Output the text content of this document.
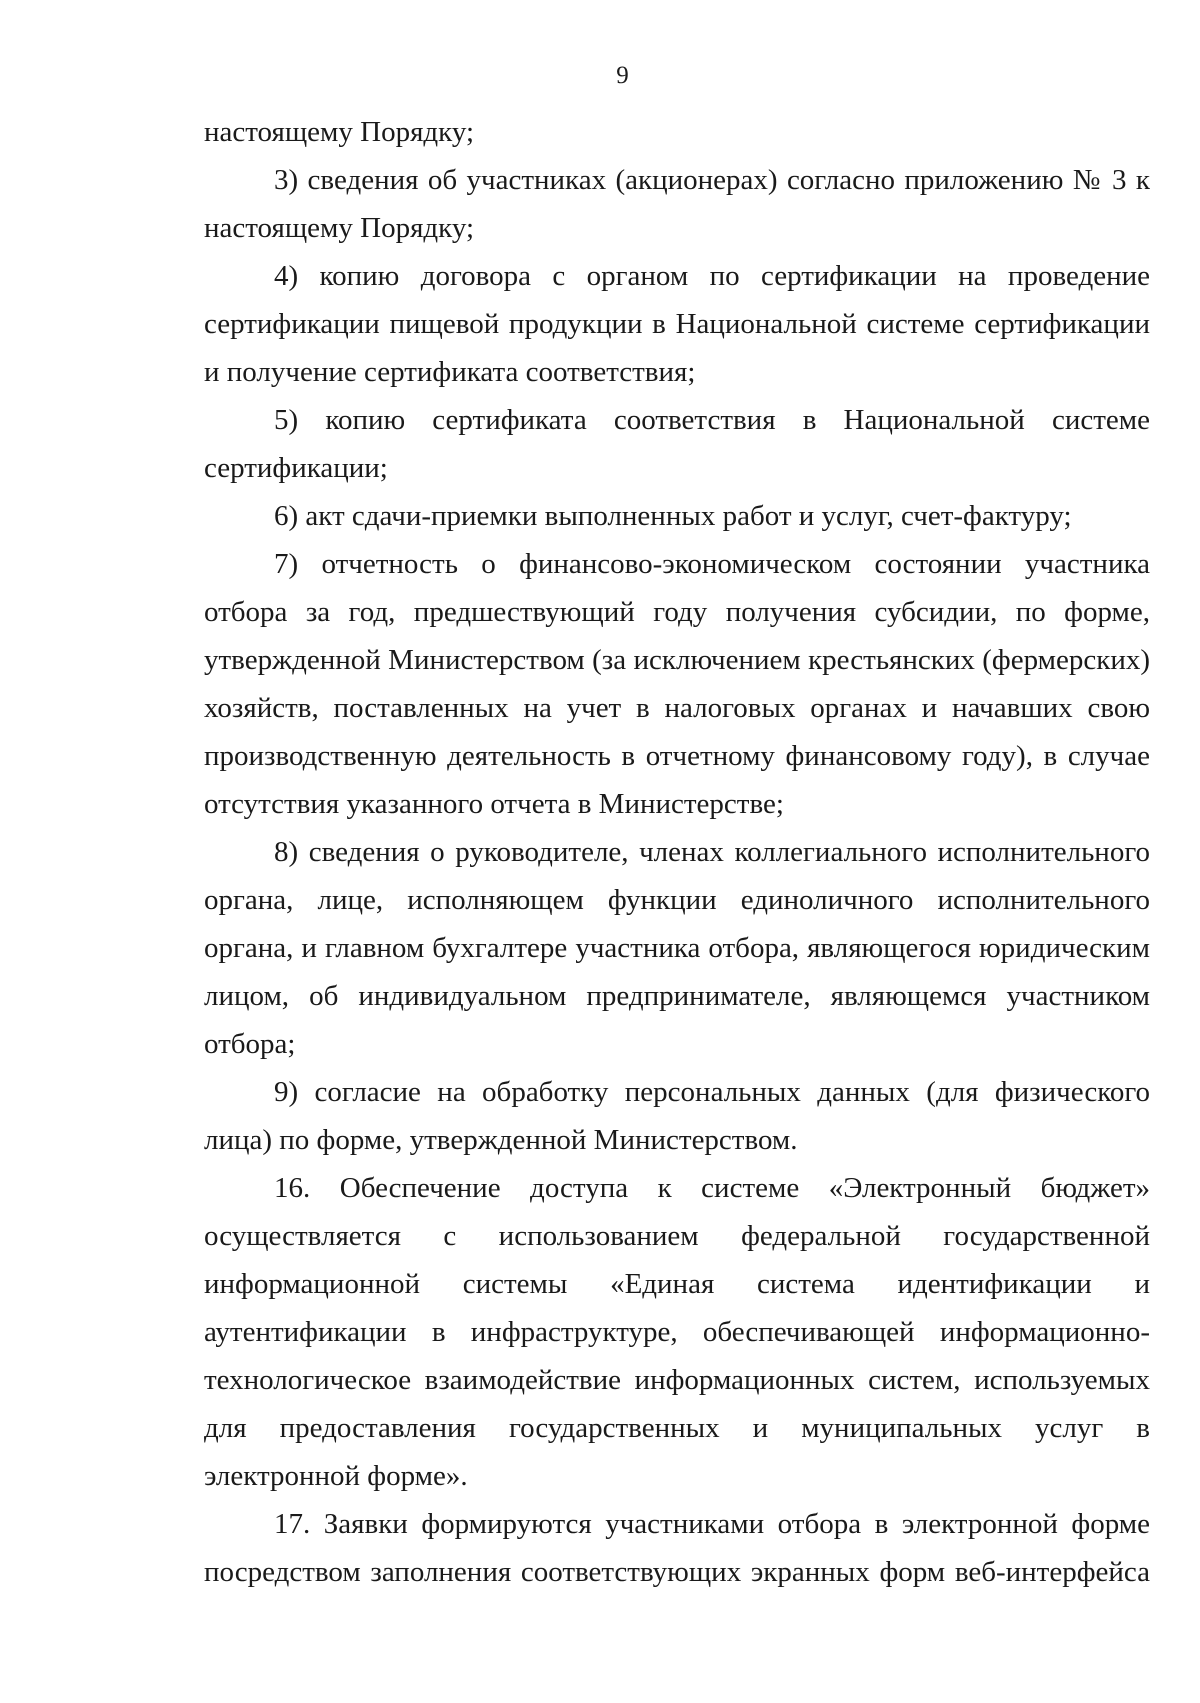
9

настоящему Порядку;

3) сведения об участниках (акционерах) согласно приложению № 3 к настоящему Порядку;

4) копию договора с органом по сертификации на проведение сертификации пищевой продукции в Национальной системе сертификации и получение сертификата соответствия;

5) копию сертификата соответствия в Национальной системе сертификации;

6) акт сдачи-приемки выполненных работ и услуг, счет-фактуру;

7) отчетность о финансово-экономическом состоянии участника отбора за год, предшествующий году получения субсидии, по форме, утвержденной Министерством (за исключением крестьянских (фермерских) хозяйств, поставленных на учет в налоговых органах и начавших свою производственную деятельность в отчетному финансовому году), в случае отсутствия указанного отчета в Министерстве;

8) сведения о руководителе, членах коллегиального исполнительного органа, лице, исполняющем функции единоличного исполнительного органа, и главном бухгалтере участника отбора, являющегося юридическим лицом, об индивидуальном предпринимателе, являющемся участником отбора;

9) согласие на обработку персональных данных (для физического лица) по форме, утвержденной Министерством.

16. Обеспечение доступа к системе «Электронный бюджет» осуществляется с использованием федеральной государственной информационной системы «Единая система идентификации и аутентификации в инфраструктуре, обеспечивающей информационно-технологическое взаимодействие информационных систем, используемых для предоставления государственных и муниципальных услуг в электронной форме».

17. Заявки формируются участниками отбора в электронной форме посредством заполнения соответствующих экранных форм веб-интерфейса
